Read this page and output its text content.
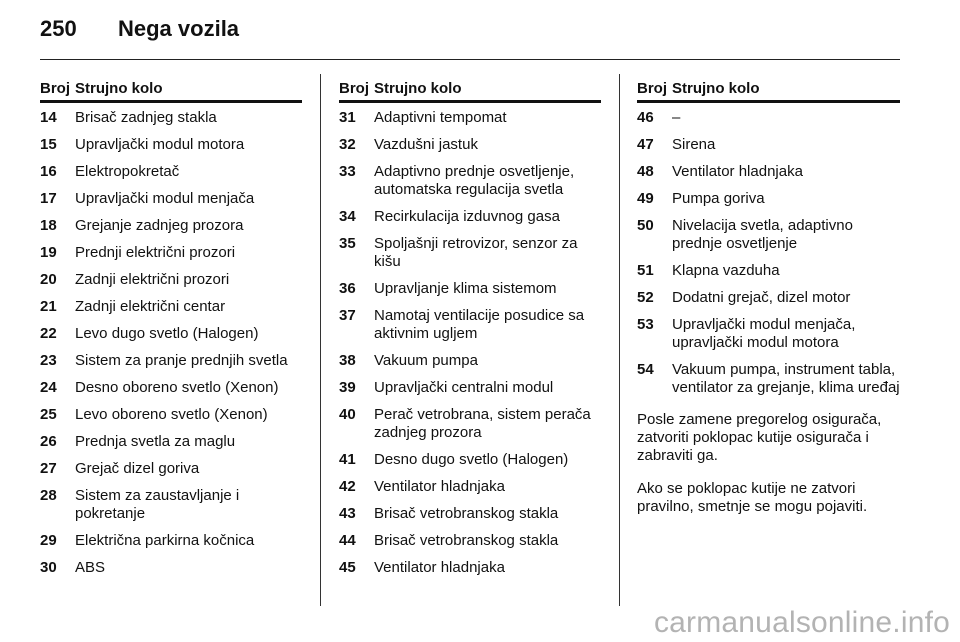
250	Nega vozila
Broj Strujno kolo
14	Brisač zadnjeg stakla
15	Upravljački modul motora
16	Elektropokretač
17	Upravljački modul menjača
18	Grejanje zadnjeg prozora
19	Prednji električni prozori
20	Zadnji električni prozori
21	Zadnji električni centar
22	Levo dugo svetlo (Halogen)
23	Sistem za pranje prednjih svetla
24	Desno oboreno svetlo (Xenon)
25	Levo oboreno svetlo (Xenon)
26	Prednja svetla za maglu
27	Grejač dizel goriva
28	Sistem za zaustavljanje i pokretanje
29	Električna parkirna kočnica
30	ABS
Broj Strujno kolo
31	Adaptivni tempomat
32	Vazdušni jastuk
33	Adaptivno prednje osvetljenje, automatska regulacija svetla
34	Recirkulacija izduvnog gasa
35	Spoljašnji retrovizor, senzor za kišu
36	Upravljanje klima sistemom
37	Namotaj ventilacije posudice sa aktivnim ugljem
38	Vakuum pumpa
39	Upravljački centralni modul
40	Perač vetrobrana, sistem perača zadnjeg prozora
41	Desno dugo svetlo (Halogen)
42	Ventilator hladnjaka
43	Brisač vetrobranskog stakla
44	Brisač vetrobranskog stakla
45	Ventilator hladnjaka
Broj Strujno kolo
46	–
47	Sirena
48	Ventilator hladnjaka
49	Pumpa goriva
50	Nivelacija svetla, adaptivno prednje osvetljenje
51	Klapna vazduha
52	Dodatni grejač, dizel motor
53	Upravljački modul menjača, upravljački modul motora
54	Vakuum pumpa, instrument tabla, ventilator za grejanje, klima uređaj

Posle zamene pregorelog osigurača, zatvoriti poklopac kutije osigurača i zabraviti ga.

Ako se poklopac kutije ne zatvori pravilno, smetnje se mogu pojaviti.

carmanualsonline.info
